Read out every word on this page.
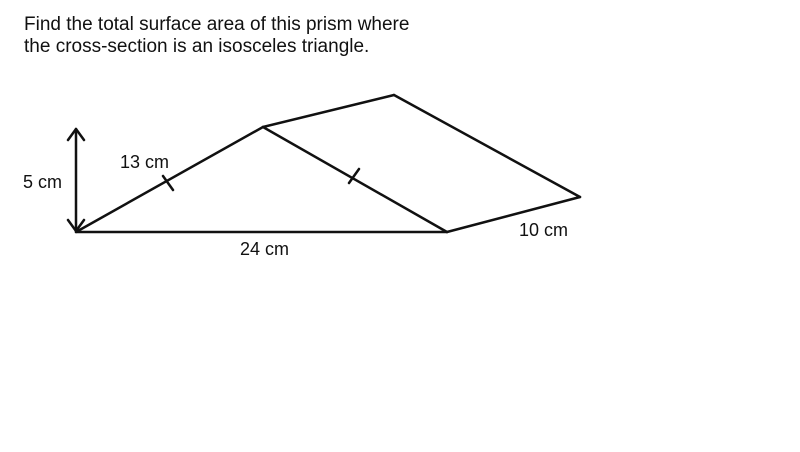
Find the total surface area of this prism where
the cross-section is an isosceles triangle.
5 cm
13 cm
24 cm
10 cm
